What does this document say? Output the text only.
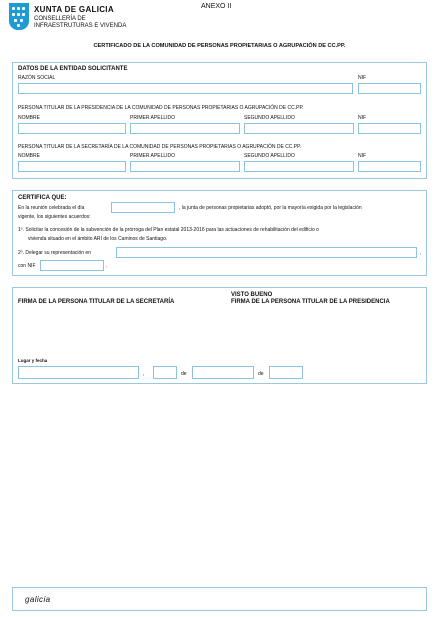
XUNTA DE GALICIA
CONSELLERÍA DE
INFRAESTRUTURAS E VIVENDA
ANEXO II
CERTIFICADO DE LA COMUNIDAD DE PERSONAS PROPIETARIAS O AGRUPACIÓN DE CC.PP.
DATOS DE LA ENTIDAD SOLICITANTE
RAZÓN SOCIAL	NIF
PERSONA TITULAR DE LA PRESIDENCIA DE LA COMUNIDAD DE PERSONAS PROPIETARIAS O AGRUPACIÓN DE CC.PP.
NOMBRE	PRIMER APELLIDO	SEGUNDO APELLIDO	NIF
PERSONA TITULAR DE LA SECRETARÍA DE LA COMUNIDAD DE PERSONAS PROPIETARIAS O AGRUPACIÓN DE CC.PP.
NOMBRE	PRIMER APELLIDO	SEGUNDO APELLIDO	NIF
CERTIFICA QUE:
En la reunión celebrada el día	, la junta de personas propietarias adoptó, por la mayoría exigida por la legislación
vigente, los siguientes acuerdos:
1º. Solicitar la concesión de la subvención de la prórroga del Plan estatal 2013-2016 para las actuaciones de rehabilitación del edificio o
vivienda situado en el ámbito ARI de los Caminos de Santiago.
2º. Delegar su representación en	,
con NIF	.
VISTO BUENO
FIRMA DE LA PERSONA TITULAR DE LA SECRETARÍA	FIRMA DE LA PERSONA TITULAR DE LA PRESIDENCIA
Lugar y fecha
,	de	de
galicia
